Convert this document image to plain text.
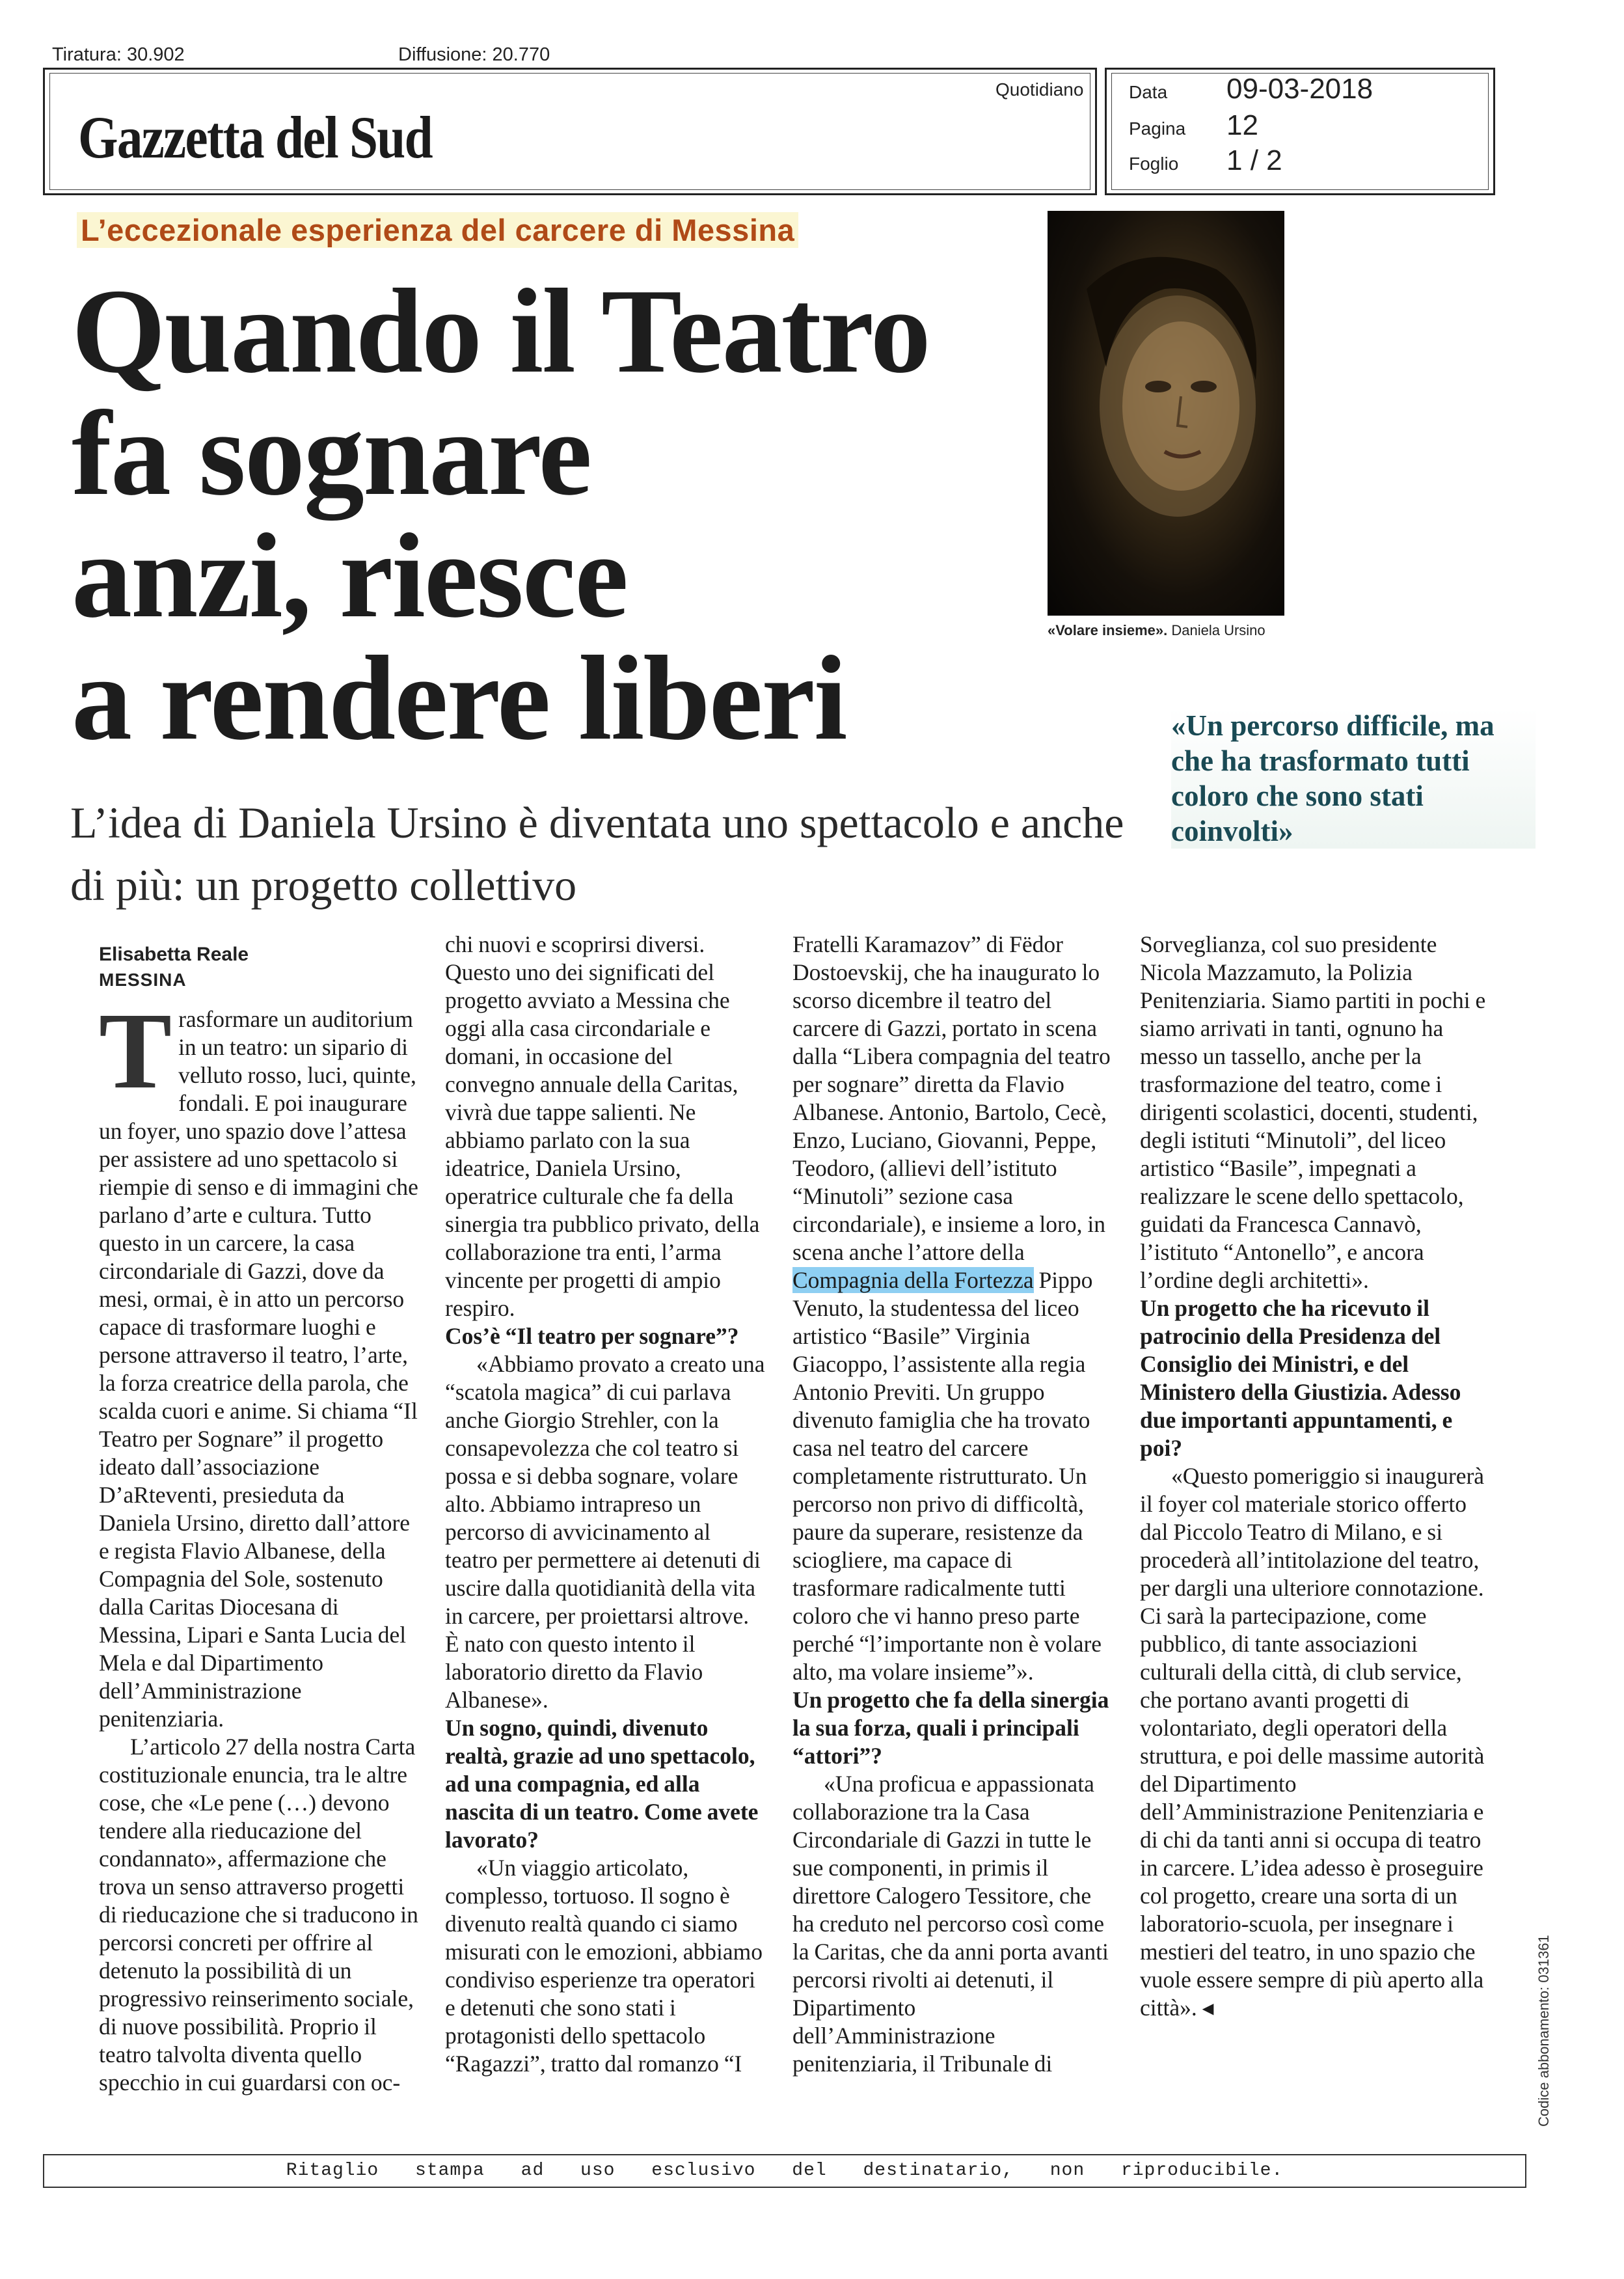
Tiratura: 30.902	Diffusione: 20.770
Gazzetta del Sud
Quotidiano Data 09-03-2018
Pagina 12
Foglio 1 / 2
L’eccezionale esperienza del carcere di Messina
Quando il Teatro
fa sognare
anzi, riesce
a rendere liberi
«Volare insieme». Daniela Ursino
«Un percorso difficile, ma che ha trasformato tutti coloro che sono stati coinvolti»
L’idea di Daniela Ursino è diventata uno spettacolo e anche di più: un progetto collettivo
Elisabetta Reale
MESSINA

Trasformare un auditorium in un teatro: un sipario di velluto rosso, luci, quinte, fondali. E poi inaugurare un foyer, uno spazio dove l’attesa per assistere ad uno spettacolo si riempie di senso e di immagini che parlano d’arte e cultura. Tutto questo in un carcere, la casa circondariale di Gazzi, dove da mesi, ormai, è in atto un percorso capace di trasformare luoghi e persone attraverso il teatro, l’arte, la forza creatrice della parola, che scalda cuori e anime. Si chiama “Il Teatro per Sognare” il progetto ideato dall’associazione D’aRteventi, presieduta da Daniela Ursino, diretto dall’attore e regista Flavio Albanese, della Compagnia del Sole, sostenuto dalla Caritas Diocesana di Messina, Lipari e Santa Lucia del Mela e dal Dipartimento dell’Amministrazione penitenziaria.

L’articolo 27 della nostra Carta costituzionale enuncia, tra le altre cose, che «Le pene (…) devono tendere alla rieducazione del condannato», affermazione che trova un senso attraverso progetti di rieducazione che si traducono in percorsi concreti per offrire al detenuto la possibilità di un progressivo reinserimento sociale, di nuove possibilità. Proprio il teatro talvolta diventa quello specchio in cui guardarsi con oc-

chi nuovi e scoprirsi diversi. Questo uno dei significati del progetto avviato a Messina che oggi alla casa circondariale e domani, in occasione del convegno annuale della Caritas, vivrà due tappe salienti. Ne abbiamo parlato con la sua ideatrice, Daniela Ursino, operatrice culturale che fa della sinergia tra pubblico privato, della collaborazione tra enti, l’arma vincente per progetti di ampio respiro.

Cos’è “Il teatro per sognare”?

«Abbiamo provato a creato una “scatola magica” di cui parlava anche Giorgio Strehler, con la consapevolezza che col teatro si possa e si debba sognare, volare alto. Abbiamo intrapreso un percorso di avvicinamento al teatro per permettere ai detenuti di uscire dalla quotidianità della vita in carcere, per proiettarsi altrove. È nato con questo intento il laboratorio diretto da Flavio Albanese».

Un sogno, quindi, divenuto realtà, grazie ad uno spettacolo, ad una compagnia, ed alla nascita di un teatro. Come avete lavorato?

«Un viaggio articolato, complesso, tortuoso. Il sogno è divenuto realtà quando ci siamo misurati con le emozioni, abbiamo condiviso esperienze tra operatori e detenuti che sono stati i protagonisti dello spettacolo “Ragazzi”, tratto dal romanzo “I

Fratelli Karamazov” di Fëdor Dostoevskij, che ha inaugurato lo scorso dicembre il teatro del carcere di Gazzi, portato in scena dalla “Libera compagnia del teatro per sognare” diretta da Flavio Albanese. Antonio, Bartolo, Cecè, Enzo, Luciano, Giovanni, Peppe, Teodoro, (allievi dell’istituto “Minutoli” sezione casa circondariale), e insieme a loro, in scena anche l’attore della Compagnia della Fortezza Pippo Venuto, la studentessa del liceo artistico “Basile” Virginia Giacoppo, l’assistente alla regia Antonio Previti. Un gruppo divenuto famiglia che ha trovato casa nel teatro del carcere completamente ristrutturato. Un percorso non privo di difficoltà, paure da superare, resistenze da sciogliere, ma capace di trasformare radicalmente tutti coloro che vi hanno preso parte perché “l’importante non è volare alto, ma volare insieme”».

Un progetto che fa della sinergia la sua forza, quali i principali “attori”?

«Una proficua e appassionata collaborazione tra la Casa Circondariale di Gazzi in tutte le sue componenti, in primis il direttore Calogero Tessitore, che ha creduto nel percorso così come la Caritas, che da anni porta avanti percorsi rivolti ai detenuti, il Dipartimento dell’Amministrazione penitenziaria, il Tribunale di

Sorveglianza, col suo presidente Nicola Mazzamuto, la Polizia Penitenziaria. Siamo partiti in pochi e siamo arrivati in tanti, ognuno ha messo un tassello, anche per la trasformazione del teatro, come i dirigenti scolastici, docenti, studenti, degli istituti “Minutoli”, del liceo artistico “Basile”, impegnati a realizzare le scene dello spettacolo, guidati da Francesca Cannavò, l’istituto “Antonello”, e ancora l’ordine degli architetti».

Un progetto che ha ricevuto il patrocinio della Presidenza del Consiglio dei Ministri, e del Ministero della Giustizia. Adesso due importanti appuntamenti, e poi?

«Questo pomeriggio si inaugurerà il foyer col materiale storico offerto dal Piccolo Teatro di Milano, e si procederà all’intitolazione del teatro, per dargli una ulteriore connotazione. Ci sarà la partecipazione, come pubblico, di tante associazioni culturali della città, di club service, che portano avanti progetti di volontariato, degli operatori della struttura, e poi delle massime autorità del Dipartimento dell’Amministrazione Penitenziaria e di chi da tanti anni si occupa di teatro in carcere. L’idea adesso è proseguire col progetto, creare una sorta di un laboratorio-scuola, per insegnare i mestieri del teatro, in uno spazio che vuole essere sempre di più aperto alla città». ◂

Ritaglio stampa ad uso esclusivo del destinatario, non riproducibile.
Codice abbonamento: 031361
